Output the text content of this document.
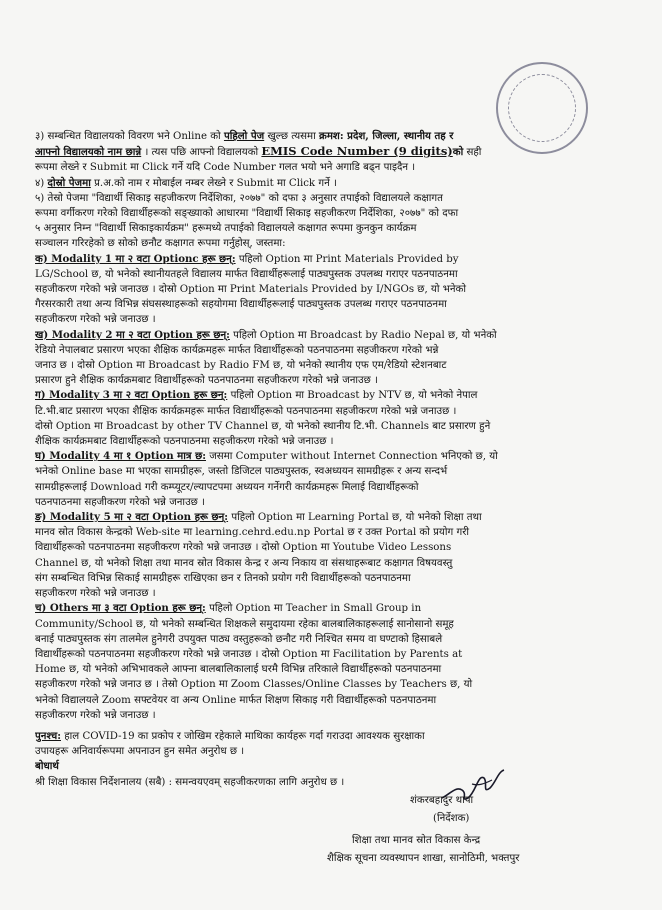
३) सम्बन्धित विद्यालयको विवरण भने Online को पहिलो पेज खुल्छ त्यसमा क्रमश: प्रदेश, जिल्ला, स्थानीय तह र
आफ्नो विद्यालयको नाम छान्ने । त्यस पछि आफ्नो विद्यालयको EMIS Code Number (9 digits)को सही
रूपमा लेख्ने र Submit मा Click गर्ने यदि Code Number गलत भयो भने अगाडि बढ्न पाइदैन ।
४) दोस्रो पेजमा प्र.अ.को नाम र मोबाईल नम्बर लेख्ने र Submit मा Click गर्ने ।
५) तेस्रो पेजमा "विद्यार्थी सिकाइ सहजीकरण निर्देशिका, २०७७" को दफा ३ अनुसार तपाईको विद्यालयले कक्षागत
रूपमा वर्गीकरण गरेको विद्यार्थीहरूको सङ्ख्याको आधारमा "विद्यार्थी सिकाइ सहजीकरण निर्देशिका, २०७७" को दफा
५ अनुसार निम्न "विद्यार्थी सिकाइकार्यक्रम" हरूमध्ये तपाईको विद्यालयले कक्षागत रूपमा कुनकुन कार्यक्रम
सञ्चालन गरिरहेको छ सोको छनौट कक्षागत रूपमा गर्नुहोस्, जस्तमा:
क) Modality 1 मा २ वटा Optionc हरू छन्: पहिलो Option मा Print Materials Provided by
LG/School छ, यो भनेको स्थानीयतहले विद्यालय मार्फत विद्यार्थीहरूलाई पाठ्यपुस्तक उपलब्ध गराएर पठनपाठनमा
सहजीकरण गरेको भन्ने जनाउछ । दोस्रो Option मा Print Materials Provided by I/NGOs छ, यो भनेको
गैरसरकारी तथा अन्य विभिन्न संघसस्थाहरूको सहयोगमा विद्यार्थीहरूलाई पाठ्यपुस्तक उपलब्ध गराएर पठनपाठनमा
सहजीकरण गरेको भन्ने जनाउछ ।
ख) Modality 2 मा २ वटा Option हरू छन्: पहिलो Option मा Broadcast by Radio Nepal छ, यो भनेको
रेडियो नेपालबाट प्रसारण भएका शैक्षिक कार्यक्रमहरू मार्फत विद्यार्थीहरूको पठनपाठनमा सहजीकरण गरेको भन्ने
जनाउ छ । दोस्रो Option मा Broadcast by Radio FM छ, यो भनेको स्थानीय एफ एम/रेडियो स्टेशनबाट
प्रसारण हुने शैक्षिक कार्यक्रमबाट विद्यार्थीहरूको पठनपाठनमा सहजीकरण गरेको भन्ने जनाउछ ।
ग) Modality 3 मा २ वटा Option हरू छन्: पहिलो Option मा Broadcast by NTV छ, यो भनेको नेपाल
टि.भी.बाट प्रसारण भएका शैक्षिक कार्यक्रमहरू मार्फत विद्यार्थीहरूको पठनपाठनमा सहजीकरण गरेको भन्ने जनाउछ ।
दोस्रो Option मा Broadcast by other TV Channel छ, यो भनेको स्थानीय टि.भी. Channels बाट प्रसारण हुने
शैक्षिक कार्यक्रमबाट विद्यार्थीहरूको पठनपाठनमा सहजीकरण गरेको भन्ने जनाउछ ।
घ) Modality 4 मा १ Option मात्र छ: जसमा Computer without Internet Connection भनिएको छ, यो
भनेको Online base मा भएका सामग्रीहरू, जस्तो डिजिटल पाठ्यपुस्तक, स्वअध्ययन सामग्रीहरू र अन्य सन्दर्भ
सामग्रीहरूलाई Download गरी कम्प्यूटर/ल्यापटपमा अध्ययन गर्नेगरी कार्यक्रमहरू मिलाई विद्यार्थीहरूको
पठनपाठनमा सहजीकरण गरेको भन्ने जनाउछ ।
ङ) Modality 5 मा २ वटा Option हरू छन्: पहिलो Option मा Learning Portal छ, यो भनेको शिक्षा तथा
मानव स्रोत विकास केन्द्रको Web-site मा learning.cehrd.edu.np Portal छ र उक्त Portal को प्रयोग गरी
विद्यार्थीहरूको पठनपाठनमा सहजीकरण गरेको भन्ने जनाउछ । दोस्रो Option मा Youtube Video Lessons
Channel छ, यो भनेको शिक्षा तथा मानव स्रोत विकास केन्द्र र अन्य निकाय वा संसथाहरूबाट कक्षागत विषयवस्तु
संग सम्बन्धित विभिन्न सिकाई सामग्रीहरू राखिएका छन र तिनको प्रयोग गरी विद्यार्थीहरूको पठनपाठनमा
सहजीकरण गरेको भन्ने जनाउछ ।
च) Others मा ३ वटा Option हरू छन्: पहिलो Option मा Teacher in Small Group in
Community/School छ, यो भनेको सम्बन्धित शिक्षकले समुदायमा रहेका बालबालिकाहरूलाई सानोसानो समूह
बनाई पाठ्यपुस्तक संग तालमेल हुनेगरी उपयुक्त पाठ्य वस्तुहरूको छनौट गरी निश्चित समय वा घण्टाको हिसाबले
विद्यार्थीहरूको पठनपाठनमा सहजीकरण गरेको भन्ने जनाउछ । दोस्रो Option मा Facilitation by Parents at
Home छ, यो भनेको अभिभावकले आफ्ना बालबालिकालाई घरमै विभिन्न तरिकाले विद्यार्थीहरूको पठनपाठनमा
सहजीकरण गरेको भन्ने जनाउ छ । तेस्रो Option मा Zoom Classes/Online Classes by Teachers छ, यो
भनेको विद्यालयले Zoom सफ्टवेयर वा अन्य Online मार्फत शिक्षण सिकाइ गरी विद्यार्थीहरूको पठनपाठनमा
सहजीकरण गरेको भन्ने जनाउछ ।
पुनश्च: हाल COVID-19 का प्रकोप र जोखिम रहेकाले माथिका कार्यहरू गर्दा गराउदा आवश्यक सुरक्षाका
उपायहरू अनिवार्यरूपमा अपनाउन हुन समेत अनुरोध छ ।
बोधार्थ
श्री शिक्षा विकास निर्देशनालय (सबै) : समन्वयएवम् सहजीकरणका लागि अनुरोध छ ।
शंकरबहादुर थापा
(निर्देशक)
शिक्षा तथा मानव स्रोत विकास केन्द्र
शैक्षिक सूचना व्यवस्थापन शाखा, सानोठिमी, भक्तपुर
